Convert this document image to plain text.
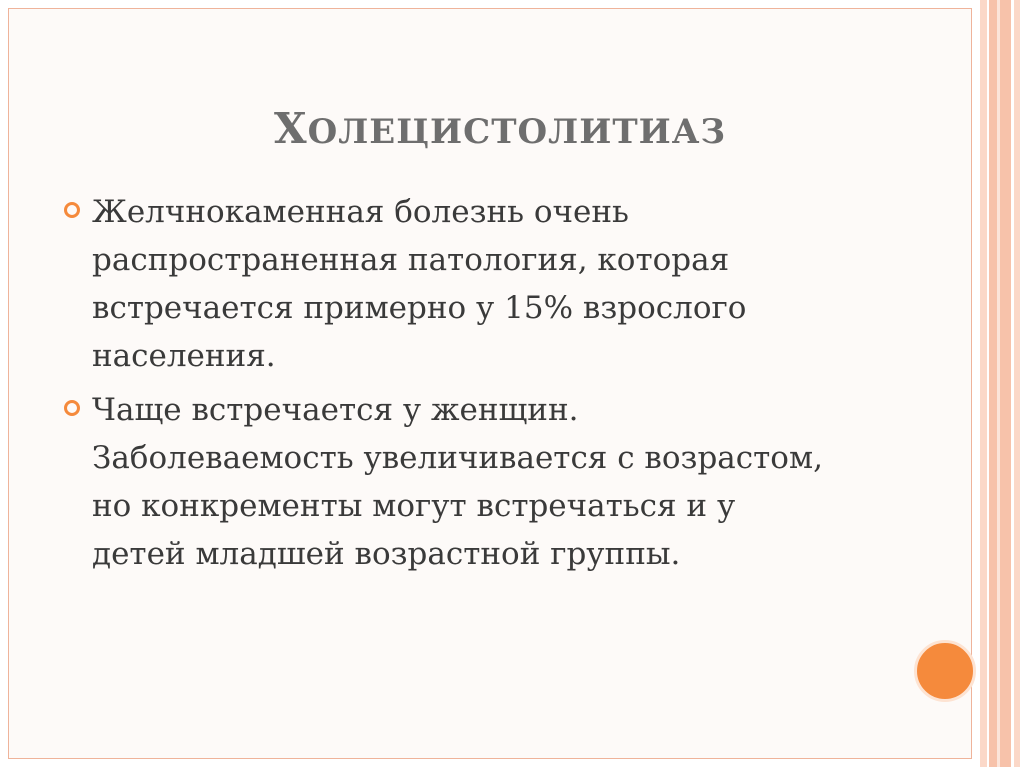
ХОЛЕЦИСТОЛИТИАЗ
Желчнокаменная болезнь очень
распространенная патология, которая
встречается примерно у 15% взрослого
населения.
Чаще встречается у женщин.
Заболеваемость увеличивается с возрастом,
но конкременты могут встречаться и у
детей младшей возрастной группы.
